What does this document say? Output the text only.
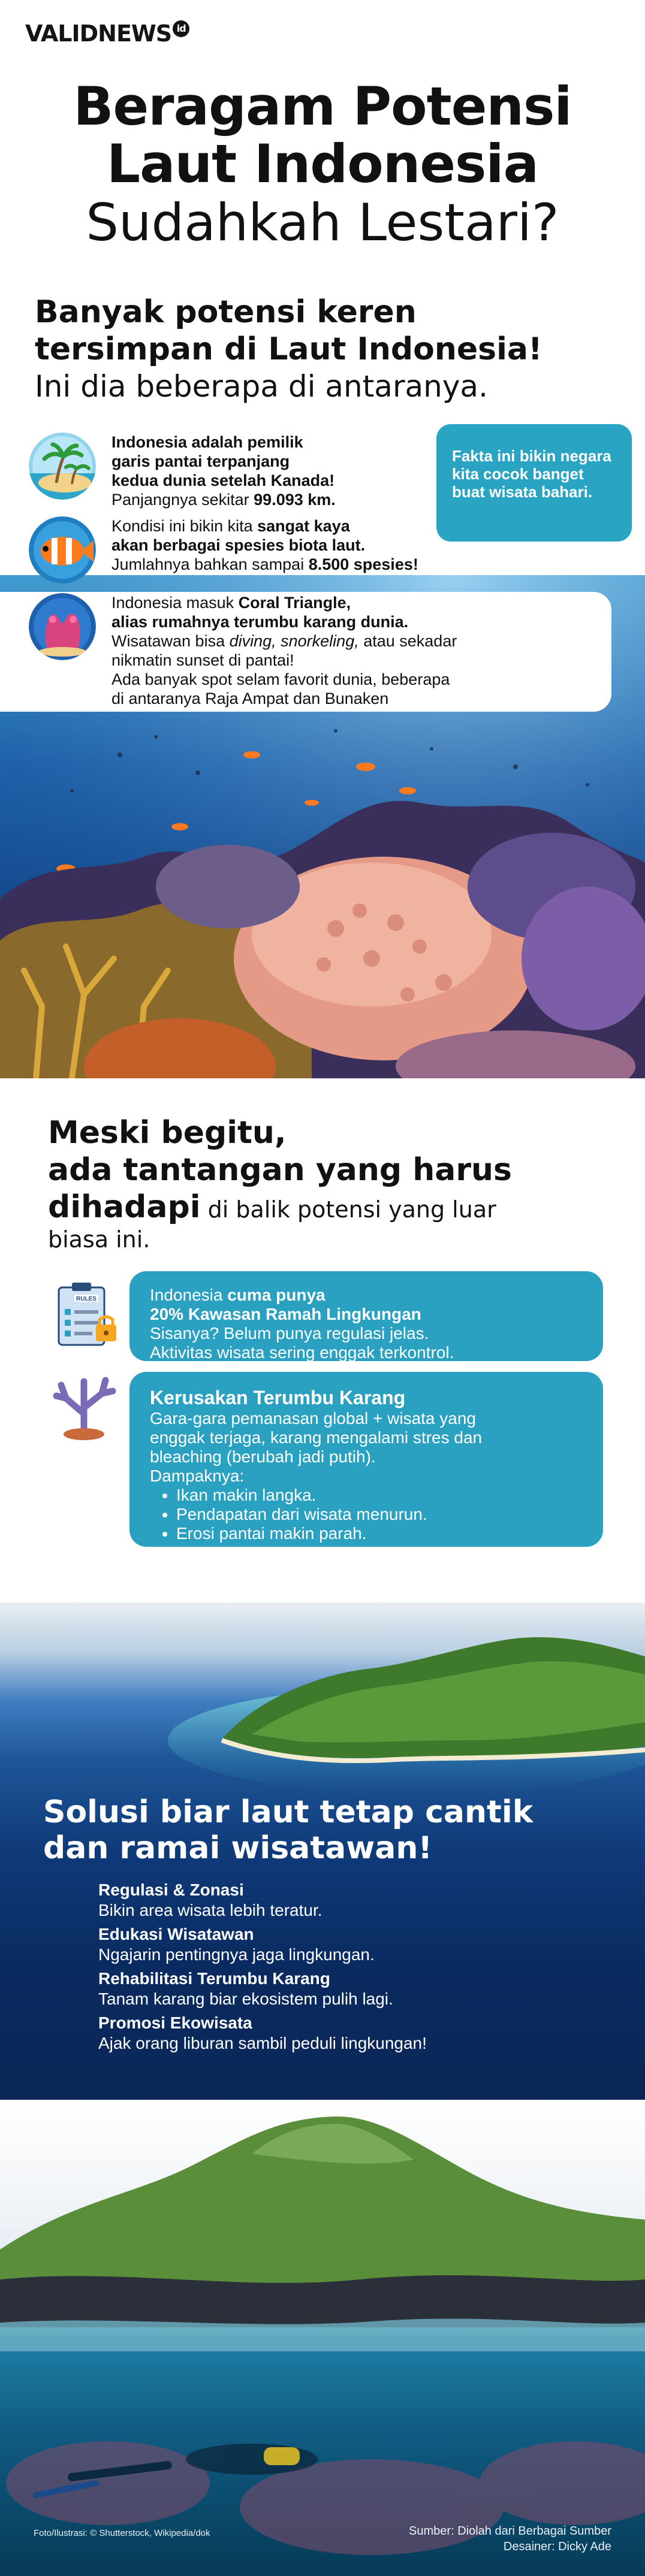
VALIDNEWS id
Beragam Potensi
Laut Indonesia
Sudahkah Lestari?
Banyak potensi keren
tersimpan di Laut Indonesia!
Ini dia beberapa di antaranya.
Indonesia adalah pemilik
garis pantai terpanjang
kedua dunia setelah Kanada!
Panjangnya sekitar 99.093 km.
Fakta ini bikin negara kita cocok banget buat wisata bahari.
Kondisi ini bikin kita sangat kaya
akan berbagai spesies biota laut.
Jumlahnya bahkan sampai 8.500 spesies!
Indonesia masuk Coral Triangle,
alias rumahnya terumbu karang dunia.
Wisatawan bisa diving, snorkeling, atau sekadar
nikmatin sunset di pantai!
Ada banyak spot selam favorit dunia, beberapa
di antaranya Raja Ampat dan Bunaken
Meski begitu,
ada tantangan yang harus
dihadapi di balik potensi yang luar
biasa ini.
RULES	Indonesia cuma punya
20% Kawasan Ramah Lingkungan
Sisanya? Belum punya regulasi jelas.
Aktivitas wisata sering enggak terkontrol.
Kerusakan Terumbu Karang
Gara-gara pemanasan global + wisata yang
enggak terjaga, karang mengalami stres dan
bleaching (berubah jadi putih).
Dampaknya:
• Ikan makin langka.
• Pendapatan dari wisata menurun.
• Erosi pantai makin parah.
Solusi biar laut tetap cantik
dan ramai wisatawan!
Regulasi & Zonasi
Bikin area wisata lebih teratur.
Edukasi Wisatawan
Ngajarin pentingnya jaga lingkungan.
Rehabilitasi Terumbu Karang
Tanam karang biar ekosistem pulih lagi.
Promosi Ekowisata
Ajak orang liburan sambil peduli lingkungan!
Foto/Ilustrasi: © Shutterstock, Wikipedia/dok	Sumber: Diolah dari Berbagai Sumber
Desainer: Dicky Ade
